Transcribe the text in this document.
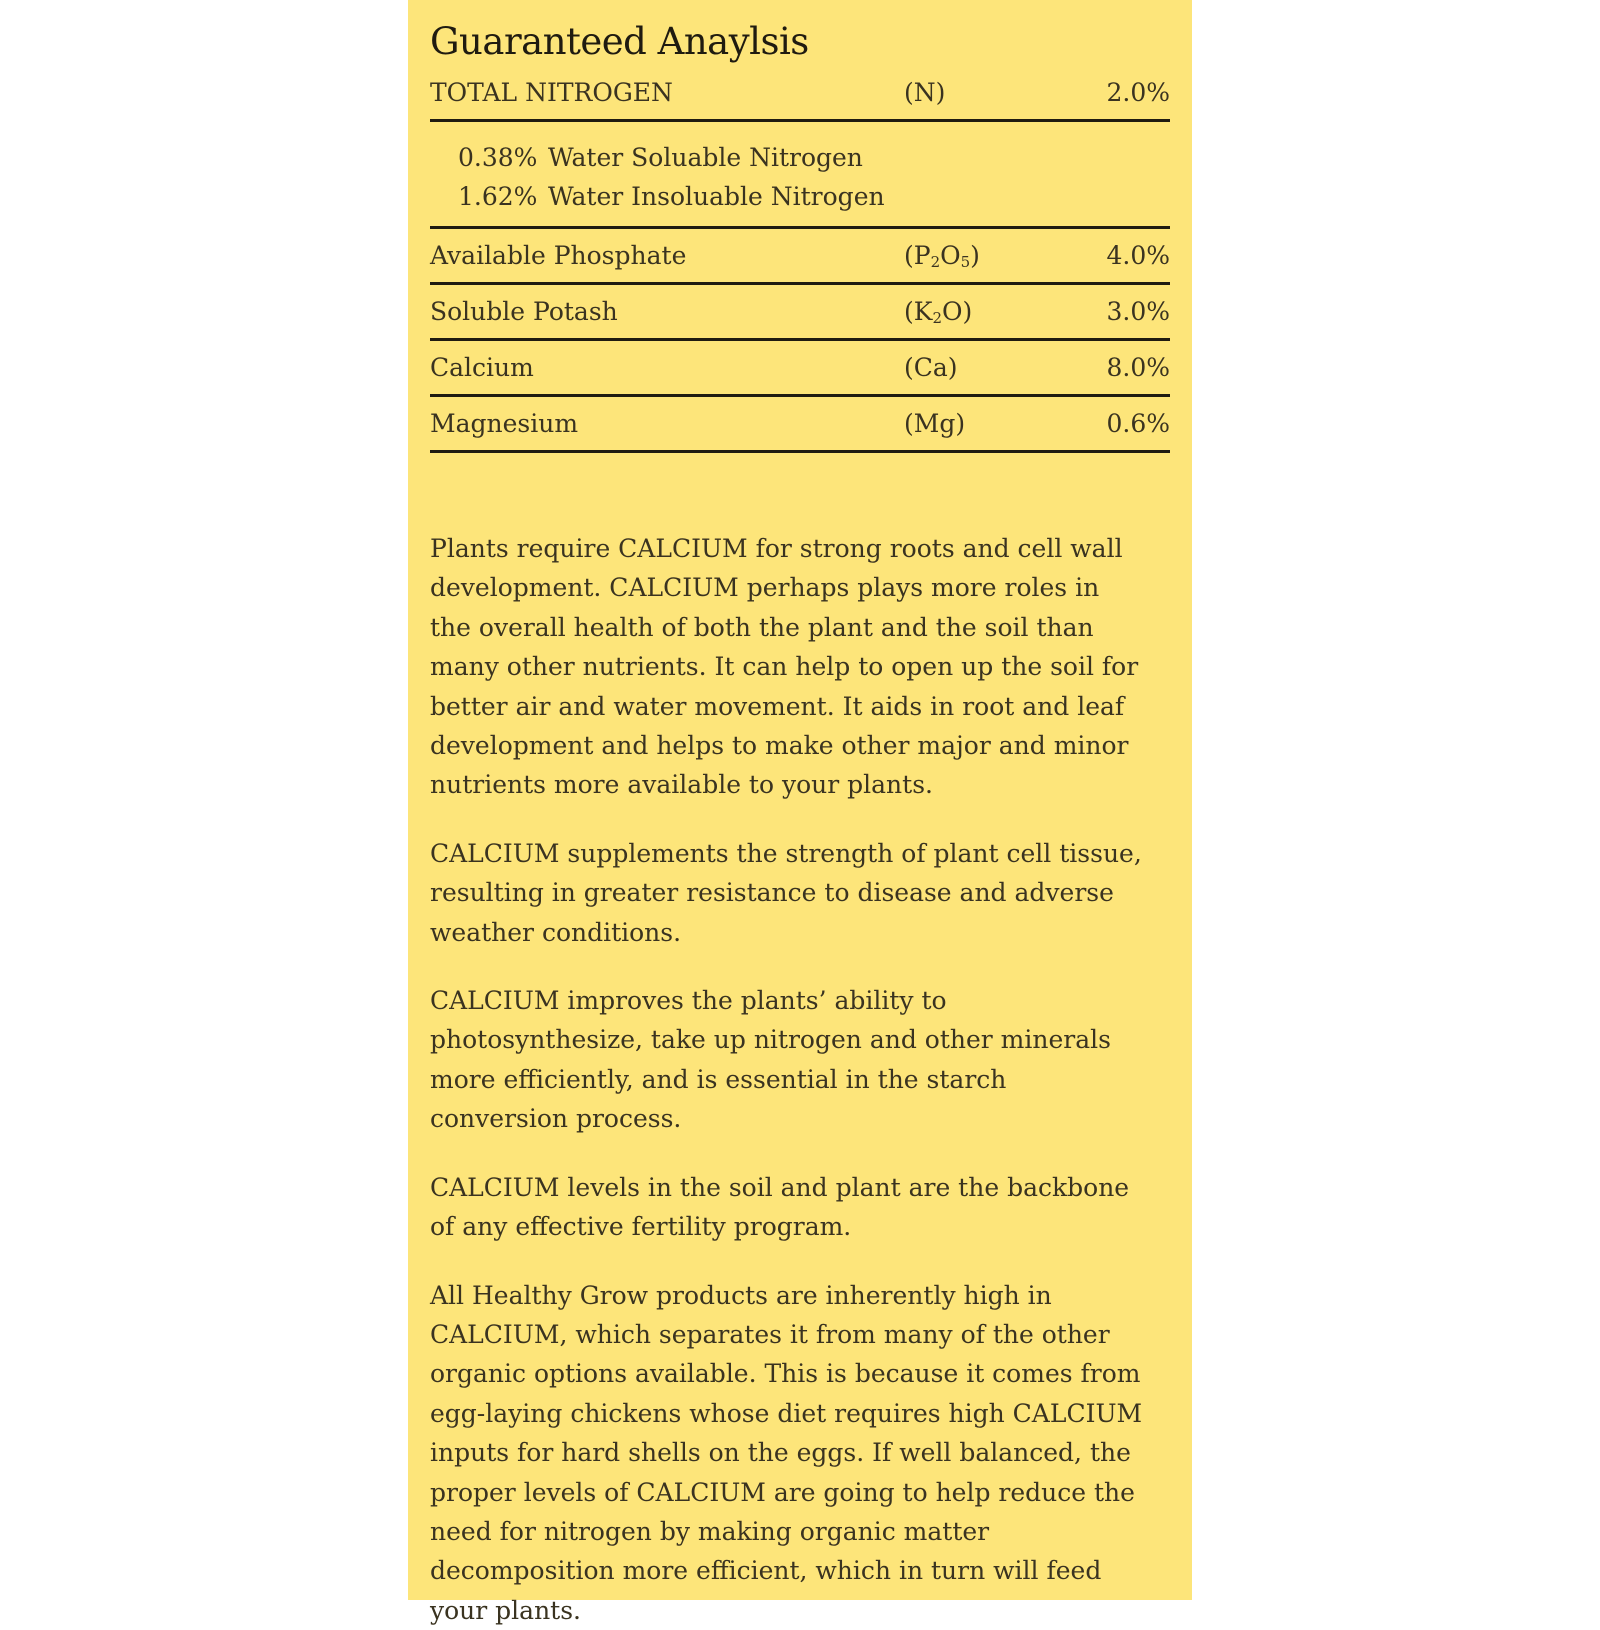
Guaranteed Anaylsis
TOTAL NITROGEN	(N)	2.0%
0.38% Water Soluable Nitrogen
1.62% Water Insoluable Nitrogen
Available Phosphate	$(P_2O_5)$	4.0%
Soluble Potash	$(K_2O)$	3.0%
Calcium	(Ca)	8.0%
Magnesium	(Mg)	0.6%

Plants require CALCIUM for strong roots and cell wall development. CALCIUM perhaps plays more roles in the overall health of both the plant and the soil than many other nutrients. It can help to open up the soil for better air and water movement. It aids in root and leaf development and helps to make other major and minor nutrients more available to your plants.

CALCIUM supplements the strength of plant cell tissue, resulting in greater resistance to disease and adverse weather conditions.

CALCIUM improves the plants’ ability to photosynthesize, take up nitrogen and other minerals more efficiently, and is essential in the starch conversion process.

CALCIUM levels in the soil and plant are the backbone of any effective fertility program.

All Healthy Grow products are inherently high in CALCIUM, which separates it from many of the other organic options available. This is because it comes from egg-laying chickens whose diet requires high CALCIUM inputs for hard shells on the eggs. If well balanced, the proper levels of CALCIUM are going to help reduce the need for nitrogen by making organic matter decomposition more efficient, which in turn will feed your plants.
